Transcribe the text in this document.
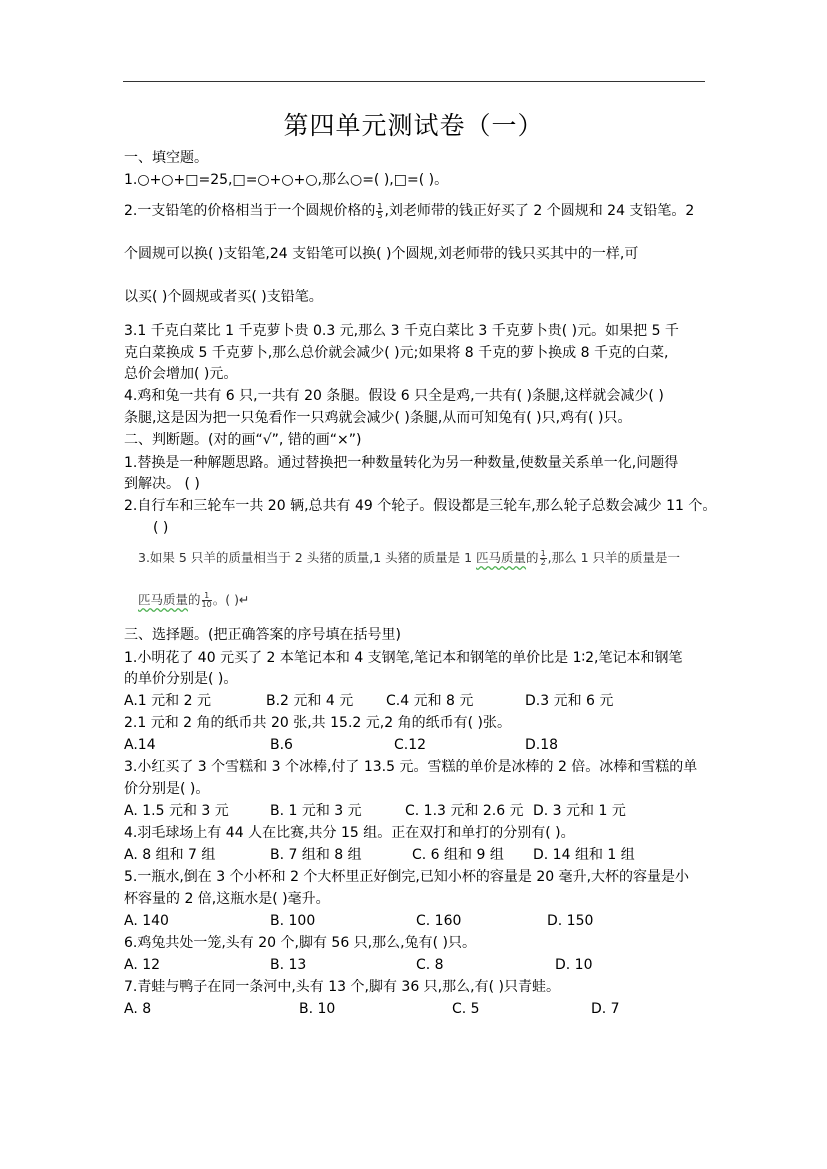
第四单元测试卷（一）
一、填空题。
1.○+○+□=25,□=○+○+○,那么○=( ),□=( )。
2.一支铅笔的价格相当于一个圆规价格的 $\frac{1}{5}$ ,刘老师带的钱正好买了 2 个圆规和 24 支铅笔。2
个圆规可以换( )支铅笔,24 支铅笔可以换( )个圆规,刘老师带的钱只买其中的一样,可
以买( )个圆规或者买( )支铅笔。
3.1 千克白菜比 1 千克萝卜贵 0.3 元,那么 3 千克白菜比 3 千克萝卜贵( )元。如果把 5 千
克白菜换成 5 千克萝卜,那么总价就会减少( )元;如果将 8 千克的萝卜换成 8 千克的白菜,
总价会增加( )元。
4.鸡和兔一共有 6 只,一共有 20 条腿。假设 6 只全是鸡,一共有( )条腿,这样就会减少( )
条腿,这是因为把一只兔看作一只鸡就会减少( )条腿,从而可知兔有( )只,鸡有( )只。
二、判断题。(对的画“√”, 错的画“×”)
1.替换是一种解题思路。通过替换把一种数量转化为另一种数量,使数量关系单一化,问题得
到解决。 ( )
2.自行车和三轮车一共 20 辆,总共有 49 个轮子。假设都是三轮车,那么轮子总数会减少 11 个。
( )
3.如果 5 只羊的质量相当于 2 头猪的质量,1 头猪的质量是 1 匹马质量的 $\frac{1}{2}$ ,那么 1 只羊的质量是一
匹马质量的 $\frac{1}{10}$ 。( )↵
三、选择题。(把正确答案的序号填在括号里)
1.小明花了 40 元买了 2 本笔记本和 4 支钢笔,笔记本和钢笔的单价比是 1∶2,笔记本和钢笔
的单价分别是( )。
A.1 元和 2 元	B.2 元和 4 元 C.4 元和 8 元	D.3 元和 6 元
2.1 元和 2 角的纸币共 20 张,共 15.2 元,2 角的纸币有( )张。
A.14	B.6	C.12	D.18
3.小红买了 3 个雪糕和 3 个冰棒,付了 13.5 元。雪糕的单价是冰棒的 2 倍。冰棒和雪糕的单
价分别是( )。
A. 1.5 元和 3 元	B. 1 元和 3 元	C. 1.3 元和 2.6 元 D. 3 元和 1 元
4.羽毛球场上有 44 人在比赛,共分 15 组。正在双打和单打的分别有( )。
A. 8 组和 7 组	B. 7 组和 8 组	C. 6 组和 9 组 D. 14 组和 1 组
5.一瓶水,倒在 3 个小杯和 2 个大杯里正好倒完,已知小杯的容量是 20 毫升,大杯的容量是小
杯容量的 2 倍,这瓶水是( )毫升。
A. 140	B. 100	C. 160	D. 150
6.鸡兔共处一笼,头有 20 个,脚有 56 只,那么,兔有( )只。
A. 12	B. 13	C. 8	D. 10
7.青蛙与鸭子在同一条河中,头有 13 个,脚有 36 只,那么,有( )只青蛙。
A. 8	B. 10	C. 5	D. 7
